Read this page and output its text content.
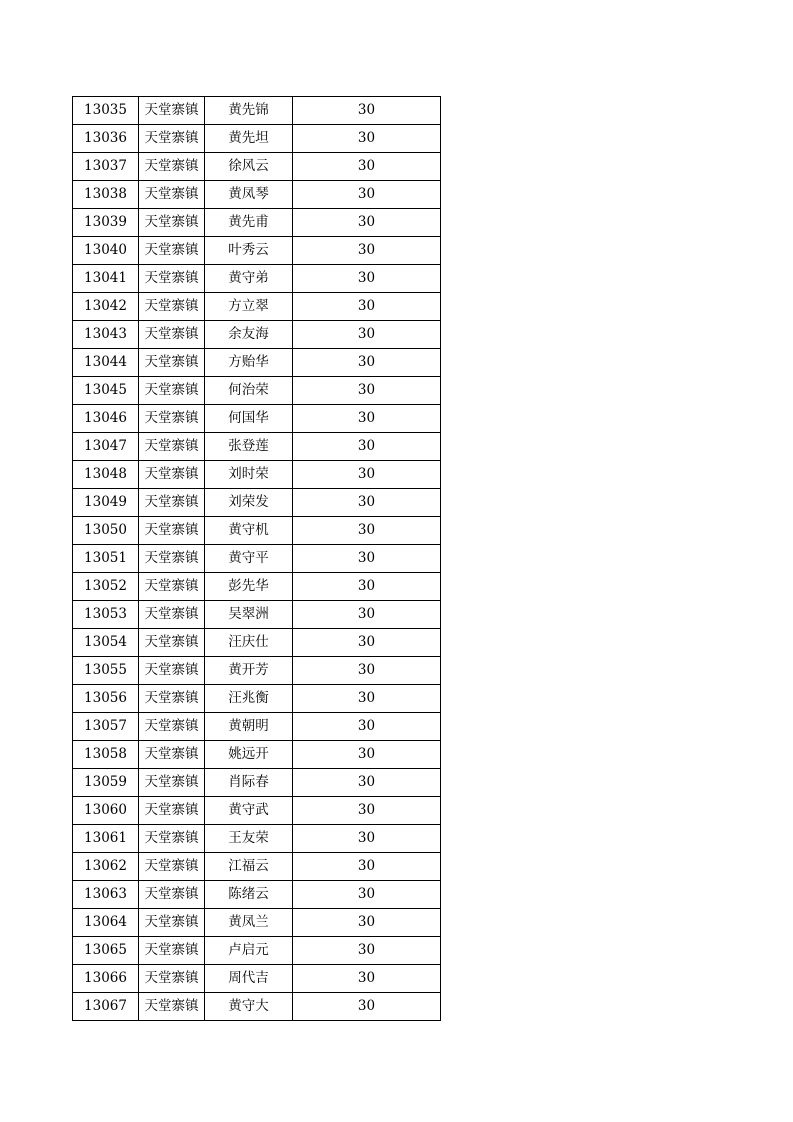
13035	天堂寨镇	黄先锦	30
13036	天堂寨镇	黄先坦	30
13037	天堂寨镇	徐风云	30
13038	天堂寨镇	黄凤琴	30
13039	天堂寨镇	黄先甫	30
13040	天堂寨镇	叶秀云	30
13041	天堂寨镇	黄守弟	30
13042	天堂寨镇	方立翠	30
13043	天堂寨镇	余友海	30
13044	天堂寨镇	方贻华	30
13045	天堂寨镇	何治荣	30
13046	天堂寨镇	何国华	30
13047	天堂寨镇	张登莲	30
13048	天堂寨镇	刘时荣	30
13049	天堂寨镇	刘荣发	30
13050	天堂寨镇	黄守机	30
13051	天堂寨镇	黄守平	30
13052	天堂寨镇	彭先华	30
13053	天堂寨镇	吴翠洲	30
13054	天堂寨镇	汪庆仕	30
13055	天堂寨镇	黄开芳	30
13056	天堂寨镇	汪兆衡	30
13057	天堂寨镇	黄朝明	30
13058	天堂寨镇	姚远开	30
13059	天堂寨镇	肖际春	30
13060	天堂寨镇	黄守武	30
13061	天堂寨镇	王友荣	30
13062	天堂寨镇	江福云	30
13063	天堂寨镇	陈绪云	30
13064	天堂寨镇	黄凤兰	30
13065	天堂寨镇	卢启元	30
13066	天堂寨镇	周代吉	30
13067	天堂寨镇	黄守大	30
